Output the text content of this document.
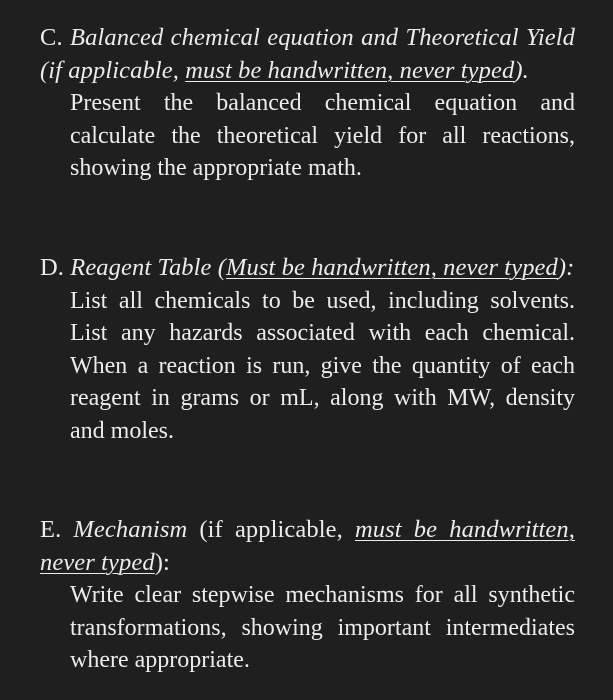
C. Balanced chemical equation and Theoretical Yield (if applicable, must be handwritten, never typed).
Present the balanced chemical equation and calculate the theoretical yield for all reactions, showing the appropriate math.
D. Reagent Table (Must be handwritten, never typed):
List all chemicals to be used, including solvents. List any hazards associated with each chemical. When a reaction is run, give the quantity of each reagent in grams or mL, along with MW, density and moles.
E. Mechanism (if applicable, must be handwritten, never typed):
Write clear stepwise mechanisms for all synthetic transformations, showing important intermediates where appropriate.
